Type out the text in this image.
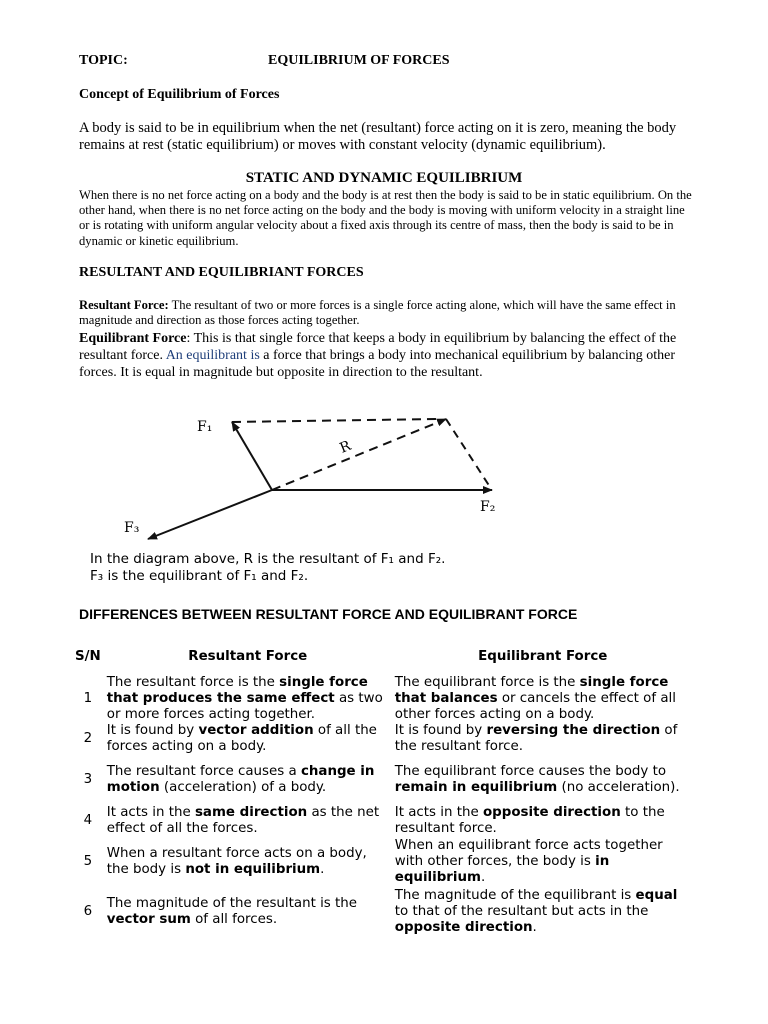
TOPIC:	EQUILIBRIUM OF FORCES
Concept of Equilibrium of Forces
A body is said to be in equilibrium when the net (resultant) force acting on it is zero, meaning the body remains at rest (static equilibrium) or moves with constant velocity (dynamic equilibrium).
STATIC AND DYNAMIC EQUILIBRIUM
When there is no net force acting on a body and the body is at rest then the body is said to be in static equilibrium. On the other hand, when there is no net force acting on the body and the body is moving with uniform velocity in a straight line or is rotating with uniform angular velocity about a fixed axis through its centre of mass, then the body is said to be in dynamic or kinetic equilibrium.
RESULTANT AND EQUILIBRIANT FORCES
Resultant Force: The resultant of two or more forces is a single force acting alone, which will have the same effect in magnitude and direction as those forces acting together.
Equilibrant Force: This is that single force that keeps a body in equilibrium by balancing the effect of the resultant force. An equilibrant is a force that brings a body into mechanical equilibrium by balancing other forces. It is equal in magnitude but opposite in direction to the resultant.
F₁
F₂
F₃
R
In the diagram above, R is the resultant of F₁ and F₂.
F₃ is the equilibrant of F₁ and F₂.
DIFFERENCES BETWEEN RESULTANT FORCE AND EQUILIBRANT FORCE
S/N	Resultant Force	Equilibrant Force
1	The resultant force is the single force that produces the same effect as two or more forces acting together.	The equilibrant force is the single force that balances or cancels the effect of all other forces acting on a body.
2	It is found by vector addition of all the forces acting on a body.	It is found by reversing the direction of the resultant force.
3	The resultant force causes a change in motion (acceleration) of a body.	The equilibrant force causes the body to remain in equilibrium (no acceleration).
4	It acts in the same direction as the net effect of all the forces.	It acts in the opposite direction to the resultant force.
5	When a resultant force acts on a body, the body is not in equilibrium.	When an equilibrant force acts together with other forces, the body is in equilibrium.
6	The magnitude of the resultant is the vector sum of all forces.	The magnitude of the equilibrant is equal to that of the resultant but acts in the opposite direction.
